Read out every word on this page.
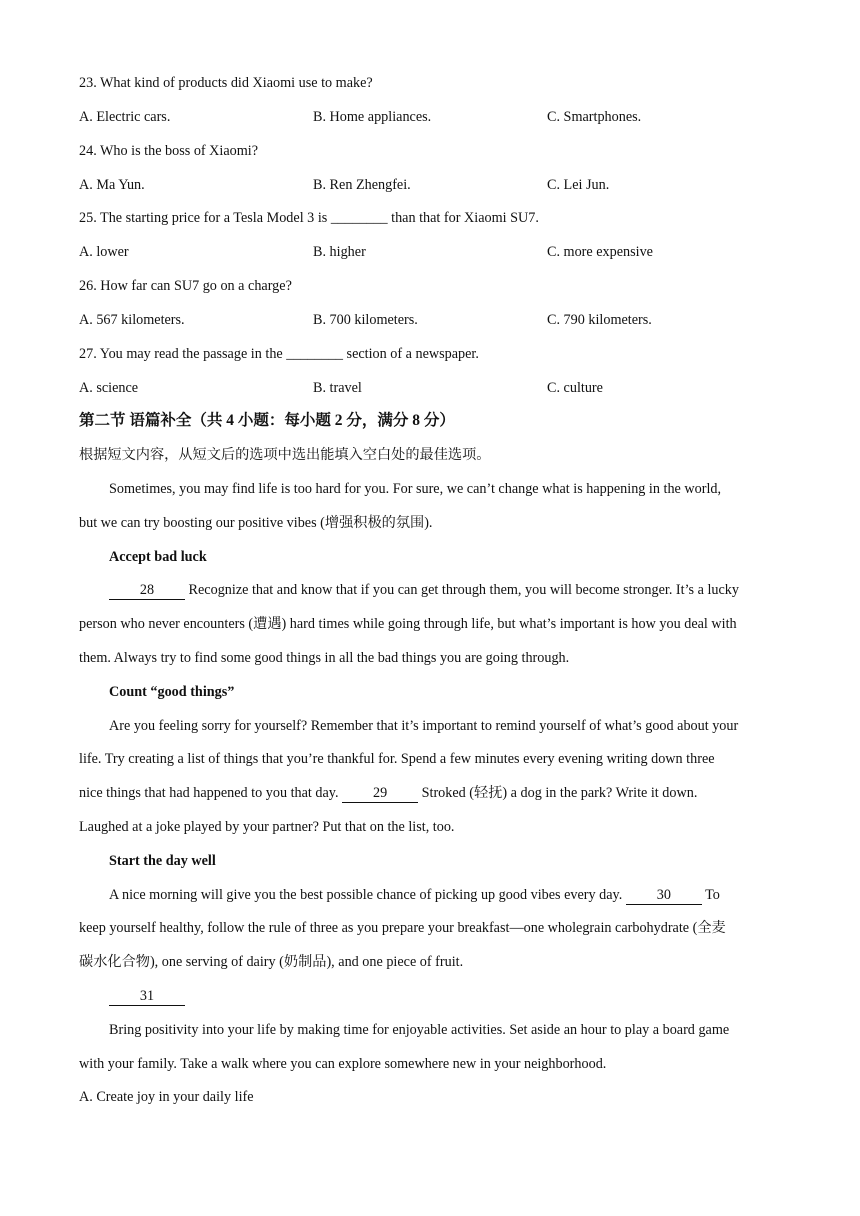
23. What kind of products did Xiaomi use to make?
A. Electric cars.	B. Home appliances.	C. Smartphones.
24. Who is the boss of Xiaomi?
A. Ma Yun.	B. Ren Zhengfei.	C. Lei Jun.
25. The starting price for a Tesla Model 3 is ________ than that for Xiaomi SU7.
A. lower	B. higher	C. more expensive
26. How far can SU7 go on a charge?
A. 567 kilometers.	B. 700 kilometers.	C. 790 kilometers.
27. You may read the passage in the ________ section of a newspaper.
A. science	B. travel	C. culture
第二节 语篇补全（共 4 小题：每小题 2 分，满分 8 分）
根据短文内容，从短文后的选项中选出能填入空白处的最佳选项。
Sometimes, you may find life is too hard for you. For sure, we can’t change what is happening in the world,
but we can try boosting our positive vibes (增强积极的氛围).
Accept bad luck
28 Recognize that and know that if you can get through them, you will become stronger. It’s a lucky
person who never encounters (遭遇) hard times while going through life, but what’s important is how you deal with
them. Always try to find some good things in all the bad things you are going through.
Count “good things”
Are you feeling sorry for yourself? Remember that it’s important to remind yourself of what’s good about your
life. Try creating a list of things that you’re thankful for. Spend a few minutes every evening writing down three
nice things that had happened to you that day. 29 Stroked (轻抚) a dog in the park? Write it down.
Laughed at a joke played by your partner? Put that on the list, too.
Start the day well
A nice morning will give you the best possible chance of picking up good vibes every day. 30 To
keep yourself healthy, follow the rule of three as you prepare your breakfast—one wholegrain carbohydrate (全麦
碳水化合物), one serving of dairy (奶制品), and one piece of fruit.
31
Bring positivity into your life by making time for enjoyable activities. Set aside an hour to play a board game
with your family. Take a walk where you can explore somewhere new in your neighborhood.
A. Create joy in your daily life
